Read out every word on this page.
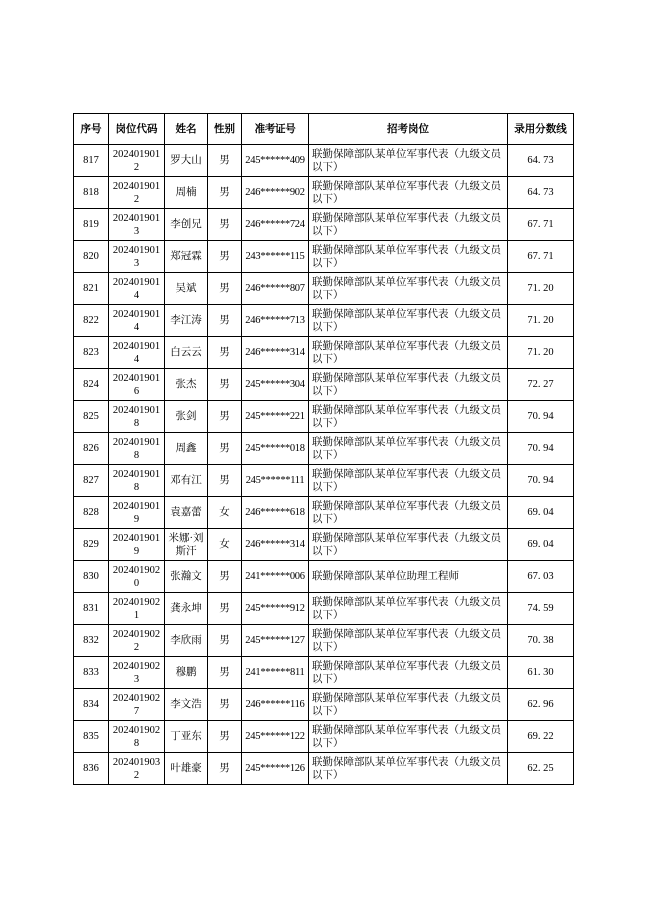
序号	岗位代码	姓名	性别	准考证号	招考岗位	录用分数线
817	2024019012	罗大山	男	245******409	联勤保障部队某单位军事代表（九级文员以下）	64. 73
818	2024019012	周楠	男	246******902	联勤保障部队某单位军事代表（九级文员以下）	64. 73
819	2024019013	李创兄	男	246******724	联勤保障部队某单位军事代表（九级文员以下）	67. 71
820	2024019013	郑冠霖	男	243******115	联勤保障部队某单位军事代表（九级文员以下）	67. 71
821	2024019014	吴斌	男	246******807	联勤保障部队某单位军事代表（九级文员以下）	71. 20
822	2024019014	李江涛	男	246******713	联勤保障部队某单位军事代表（九级文员以下）	71. 20
823	2024019014	白云云	男	246******314	联勤保障部队某单位军事代表（九级文员以下）	71. 20
824	2024019016	张杰	男	245******304	联勤保障部队某单位军事代表（九级文员以下）	72. 27
825	2024019018	张剑	男	245******221	联勤保障部队某单位军事代表（九级文员以下）	70. 94
826	2024019018	周鑫	男	245******018	联勤保障部队某单位军事代表（九级文员以下）	70. 94
827	2024019018	邓有江	男	245******111	联勤保障部队某单位军事代表（九级文员以下）	70. 94
828	2024019019	袁嘉蕾	女	246******618	联勤保障部队某单位军事代表（九级文员以下）	69. 04
829	2024019019	米娜·刘斯汗	女	246******314	联勤保障部队某单位军事代表（九级文员以下）	69. 04
830	2024019020	张瀚文	男	241******006	联勤保障部队某单位助理工程师	67. 03
831	2024019021	龚永坤	男	245******912	联勤保障部队某单位军事代表（九级文员以下）	74. 59
832	2024019022	李欣雨	男	245******127	联勤保障部队某单位军事代表（九级文员以下）	70. 38
833	2024019023	穆鹏	男	241******811	联勤保障部队某单位军事代表（九级文员以下）	61. 30
834	2024019027	李文浩	男	246******116	联勤保障部队某单位军事代表（九级文员以下）	62. 96
835	2024019028	丁亚东	男	245******122	联勤保障部队某单位军事代表（九级文员以下）	69. 22
836	2024019032	叶雄豪	男	245******126	联勤保障部队某单位军事代表（九级文员以下）	62. 25
